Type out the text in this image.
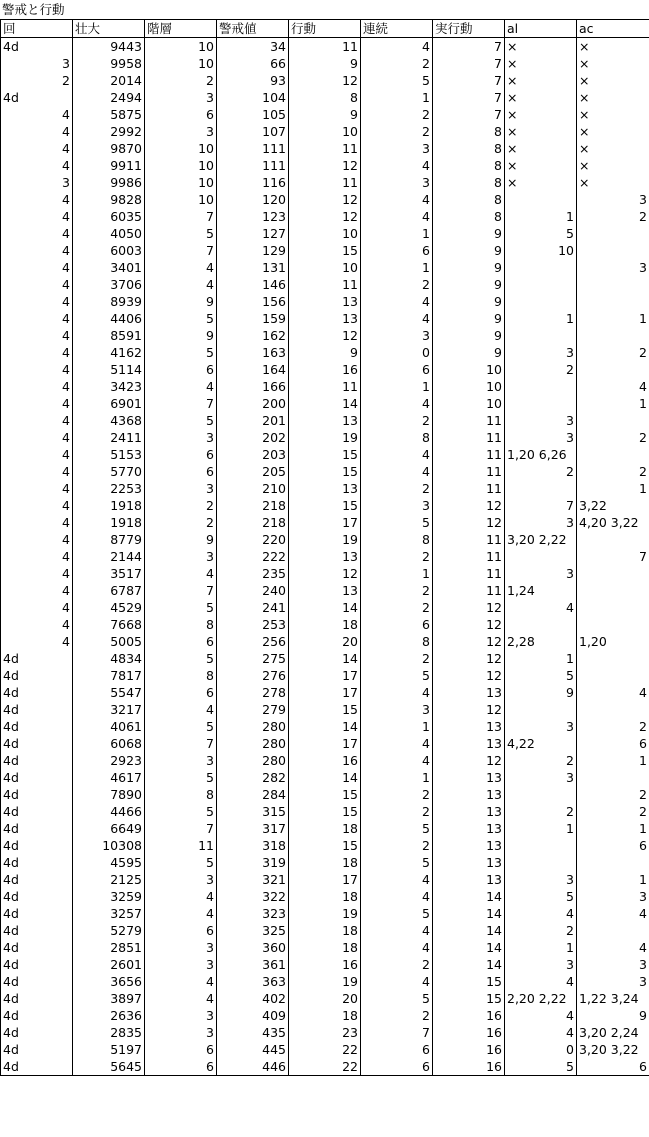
警戒と行動
回	壮大	階層	警戒値	行動	連続	実行動	al	ac
4d	9443	10	34	11	4	7	×	×
3	9958	10	66	9	2	7	×	×
2	2014	2	93	12	5	7	×	×
4d	2494	3	104	8	1	7	×	×
4	5875	6	105	9	2	7	×	×
4	2992	3	107	10	2	8	×	×
4	9870	10	111	11	3	8	×	×
4	9911	10	111	12	4	8	×	×
3	9986	10	116	11	3	8	×	×
4	9828	10	120	12	4	8		3
4	6035	7	123	12	4	8	1	2
4	4050	5	127	10	1	9	5	
4	6003	7	129	15	6	9	10	
4	3401	4	131	10	1	9		3
4	3706	4	146	11	2	9		
4	8939	9	156	13	4	9		
4	4406	5	159	13	4	9	1	1
4	8591	9	162	12	3	9		
4	4162	5	163	9	0	9	3	2
4	5114	6	164	16	6	10	2	
4	3423	4	166	11	1	10		4
4	6901	7	200	14	4	10		1
4	4368	5	201	13	2	11	3	
4	2411	3	202	19	8	11	3	2
4	5153	6	203	15	4	11	1,20 6,26	
4	5770	6	205	15	4	11	2	2
4	2253	3	210	13	2	11		1
4	1918	2	218	15	3	12	7	3,22
4	1918	2	218	17	5	12	3	4,20 3,22
4	8779	9	220	19	8	11	3,20 2,22	
4	2144	3	222	13	2	11		7
4	3517	4	235	12	1	11	3	
4	6787	7	240	13	2	11	1,24	
4	4529	5	241	14	2	12	4	
4	7668	8	253	18	6	12		
4	5005	6	256	20	8	12	2,28	1,20
4d	4834	5	275	14	2	12	1	
4d	7817	8	276	17	5	12	5	
4d	5547	6	278	17	4	13	9	4
4d	3217	4	279	15	3	12		
4d	4061	5	280	14	1	13	3	2
4d	6068	7	280	17	4	13	4,22	6
4d	2923	3	280	16	4	12	2	1
4d	4617	5	282	14	1	13	3	
4d	7890	8	284	15	2	13		2
4d	4466	5	315	15	2	13	2	2
4d	6649	7	317	18	5	13	1	1
4d	10308	11	318	15	2	13		6
4d	4595	5	319	18	5	13		
4d	2125	3	321	17	4	13	3	1
4d	3259	4	322	18	4	14	5	3
4d	3257	4	323	19	5	14	4	4
4d	5279	6	325	18	4	14	2	
4d	2851	3	360	18	4	14	1	4
4d	2601	3	361	16	2	14	3	3
4d	3656	4	363	19	4	15	4	3
4d	3897	4	402	20	5	15	2,20 2,22	1,22 3,24
4d	2636	3	409	18	2	16	4	9
4d	2835	3	435	23	7	16	4	3,20 2,24
4d	5197	6	445	22	6	16	0	3,20 3,22
4d	5645	6	446	22	6	16	5	6
